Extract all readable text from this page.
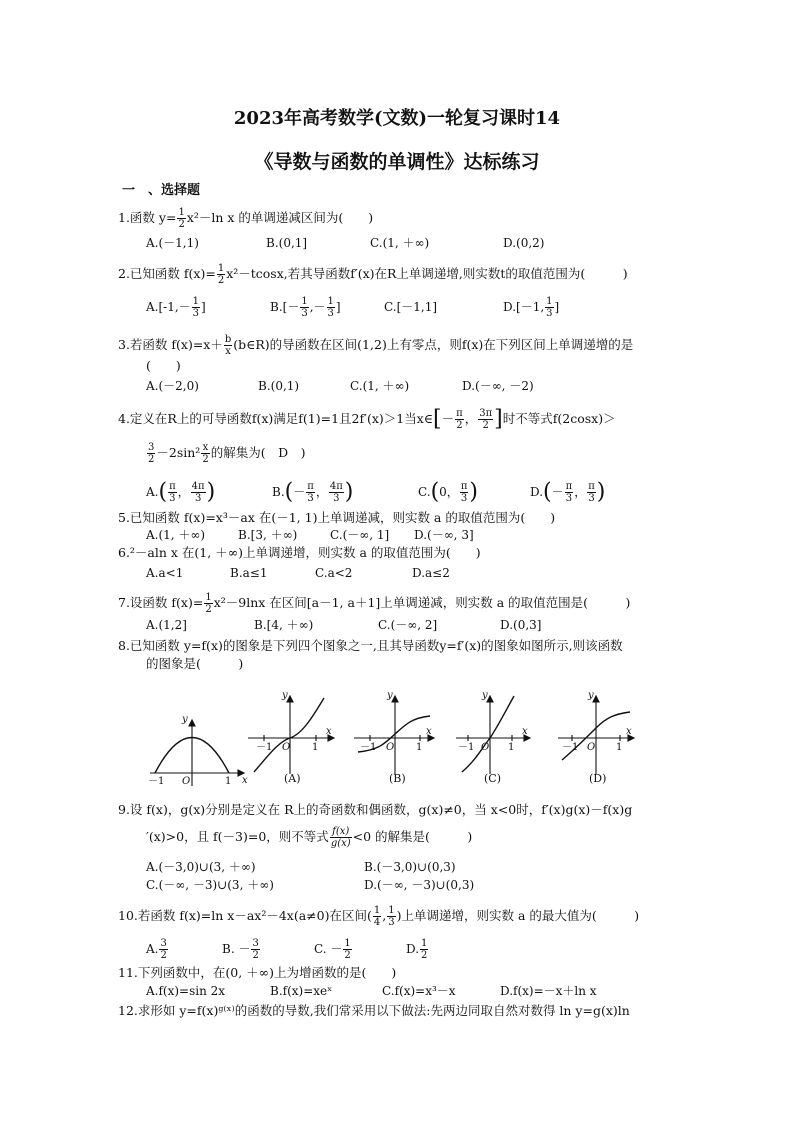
2023年高考数学(文数)一轮复习课时14
《导数与函数的单调性》达标练习
一　、选择题
1.函数 $y= \frac{1}{2} x^2-\ln$ x 的单调递减区间为(　　)
A.(－1,1)	B.(0,1]	C.(1, ＋∞)	D.(0,2)
2.已知函数 $f(x)= \frac{1}{2} x^2-tcosx$,若其导函数f′(x)在R上单调递增,则实数t的取值范围为(　　　)
$A.[-1,- \frac{1}{3}$ ]	$B.[- \frac{1}{3}$ ,－ $\frac{1}{3}$ ]	C.[－1,1]	D.[－1, $\frac{1}{3}$ ]
3.若函数 $f(x)=x+ \frac{b}{x}$ (b∈R)的导函数在区间(1,2)上有零点，则f(x)在下列区间上单调递增的是
(　　)
A.(－2,0)	B.(0,1)	C.(1, ＋∞)	D.(－∞, －2)
4.定义在R上的可导函数f(x)满足f(1)=1且2f′(x)＞1当x∈[－ $\frac{\pi}{2}$ ， $\frac{3\pi}{2}$ ]时不等式f(2cosx)＞
$\frac{3}{2} -2\sin^2 \frac{x}{2}$ 的解集为(　D　)
$A.( \frac{\pi}{3}$ ， $\frac{4\pi}{3}$ )	$B.(- \frac{\pi}{3}$ ， $\frac{4\pi}{3}$ )	C.(0， $\frac{\pi}{3}$ )	$D.(- \frac{\pi}{3}$ ， $\frac{\pi}{3}$ )
5.已知函数 f(x)=x³－ax 在(－1, 1)上单调递减，则实数 a 的取值范围为(　　)
A.(1, ＋∞)	B.[3, ＋∞)	C.(－∞, 1] D.(－∞, 3]
6.²－aln x 在(1, ＋∞)上单调递增，则实数 a 的取值范围为(　　)
A.a<1	B.a≤1	C.a<2	D.a≤2
7.设函数 $f(x)= \frac{1}{2} x^2-9\ln x$ 在区间[a－1, a＋1]上单调递减，则实数 a 的取值范围是(　　　)
A.(1,2]	B.[4, ＋∞)	C.(－∞, 2]	D.(0,3]
8.已知函数 y=f(x)的图象是下列四个图象之一,且其导函数y=f′(x)的图象如图所示,则该函数
的图象是(　　　)
y
x
O
－1	1
y
x
－1 O 1
y
x
－1 O 1
y
x
－1 O 1
y
x
－1 O 1
(A)	(B)	(C)	(D)
9.设 f(x)，g(x)分别是定义在 R上的奇函数和偶函数，g(x)≠0，当 x<0时，f′(x)g(x)－f(x)g
′(x)>0，且 f(－3)=0，则不等式 $\frac{f(x)}{g(x)} <0$ 的解集是(　　　)
A.(－3,0)∪(3, ＋∞)	B.(－3,0)∪(0,3)
C.(－∞, －3)∪(3, ＋∞)	D.(－∞, －3)∪(0,3)
10.若函数 f(x)=ln x－ax²－4x(a≠0)在区间( $\frac{1}{4}$ , $\frac{1}{3}$ )上单调递增，则实数 a 的最大值为(　　　)
A. $\frac{3}{2}$	B. － $\frac{3}{2}$	C. － $\frac{1}{2}$	D. $\frac{1}{2}$
11.下列函数中，在(0, ＋∞)上为增函数的是(　　)
A.f(x)=sin 2x	B.f(x)=xeˣ	C.f(x)=x³－x	D.f(x)=－x＋ln x
12.求形如 y=f(x)ᵍ⁽ˣ⁾的函数的导数,我们常采用以下做法:先两边同取自然对数得 ln y=g(x)ln
